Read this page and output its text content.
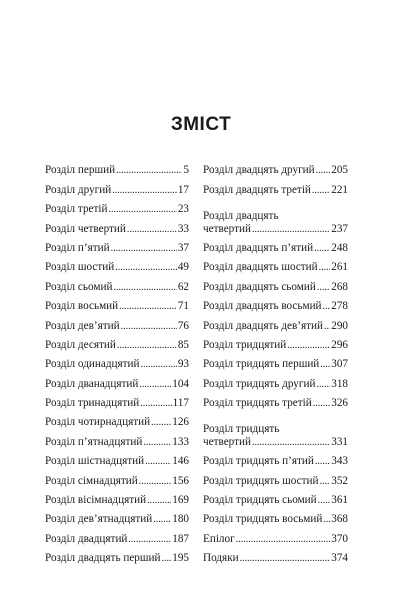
ЗМІСТ
Розділ перший .....	5
Розділ другий .....	17
Розділ третій .....	23
Розділ четвертий .....	33
Розділ п’ятий .....	37
Розділ шостий .....	49
Розділ сьомий .....	62
Розділ восьмий .....	71
Розділ дев’ятий .....	76
Розділ десятий .....	85
Розділ одинадцятий .....	93
Розділ дванадцятий .....	104
Розділ тринадцятий .....	117
Розділ чотирнадцятий ..... 126
Розділ п’ятнадцятий .....	133
Розділ шістнадцятий .....	146
Розділ сімнадцятий .....	156
Розділ вісімнадцятий ..... 169
Розділ дев’ятнадцятий ..... 180
Розділ двадцятий .....	187
Розділ двадцять перший ..... 195
Розділ двадцять другий ..... 205
Розділ двадцять третій ..... 221
Розділ двадцять
четвертий .....	237
Розділ двадцять п’ятий ..... 248
Розділ двадцять шостий ..... 261
Розділ двадцять сьомий ..... 268
Розділ двадцять восьмий ..... 278
Розділ двадцять дев’ятий ..... 290
Розділ тридцятий .....	296
Розділ тридцять перший ..... 307
Розділ тридцять другий ..... 318
Розділ тридцять третій ..... 326
Розділ тридцять
четвертий .....	331
Розділ тридцять п’ятий ..... 343
Розділ тридцять шостий ..... 352
Розділ тридцять сьомий ..... 361
Розділ тридцять восьмий ..... 368
Епілог .....	370
Подяки .....	374
